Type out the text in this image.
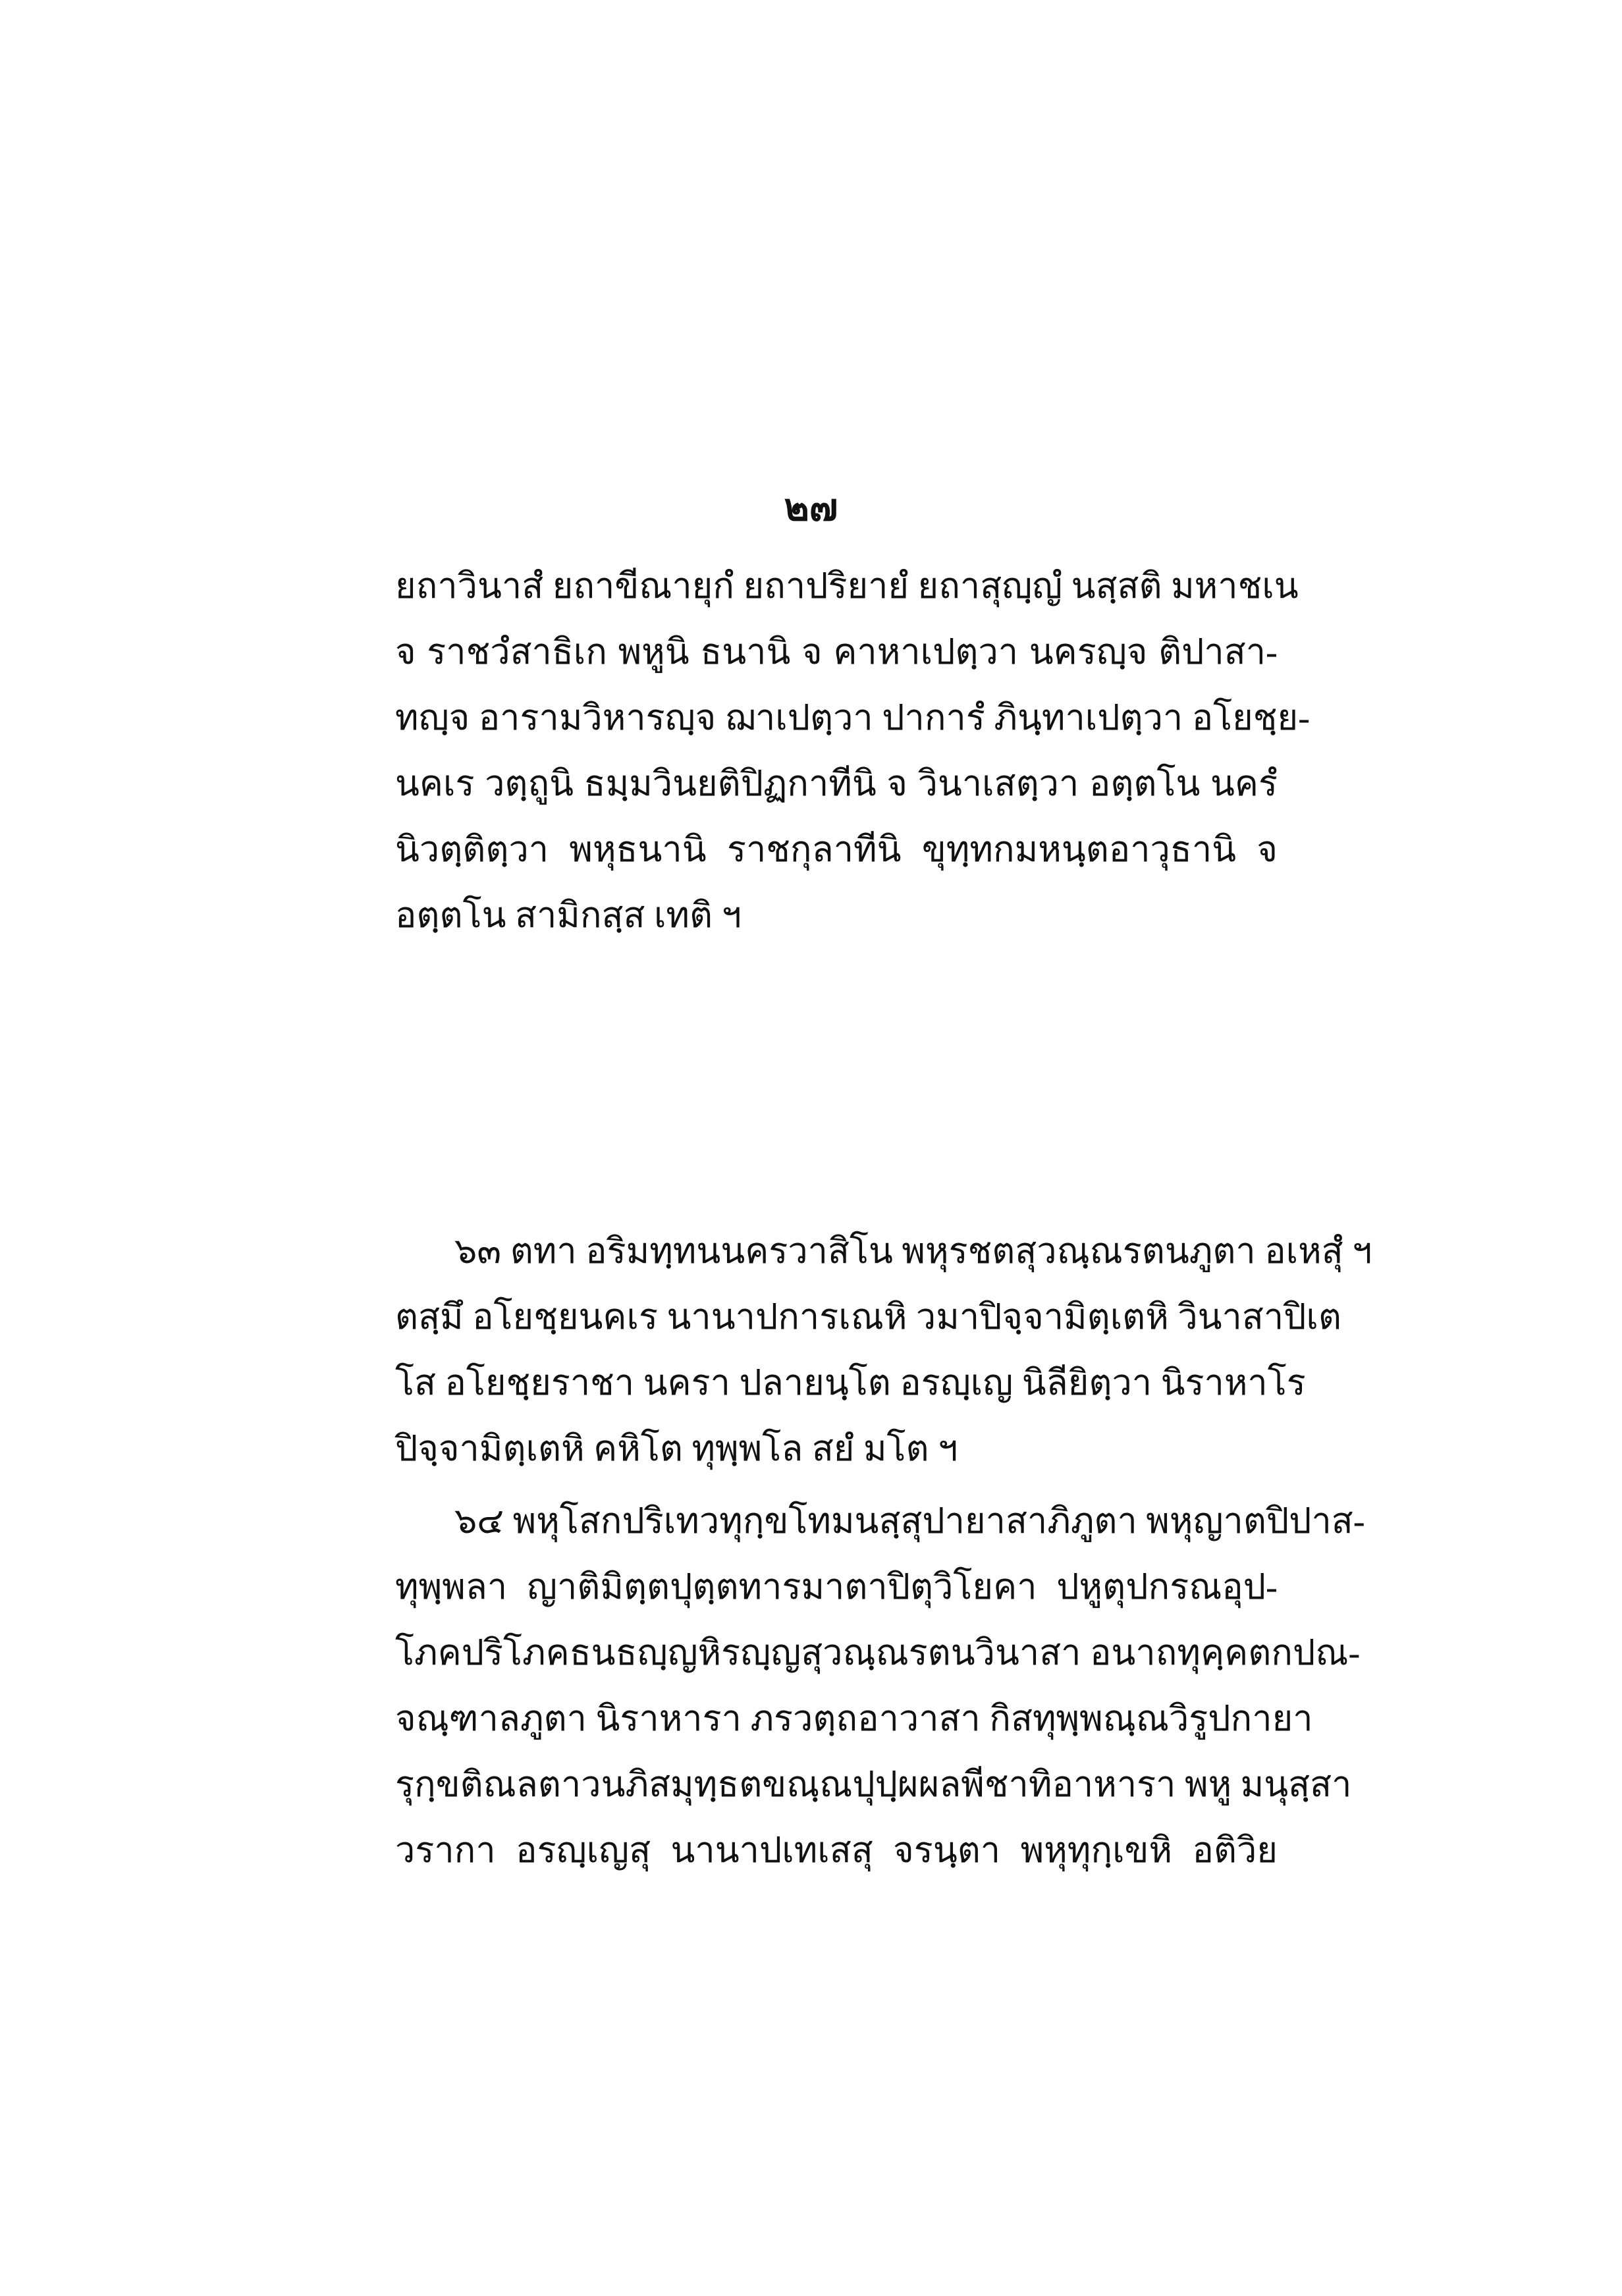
๒๗
ยถาวินาสํ ยถาขีณายุกํ ยถาปริยายํ ยถาสุญฺญํ นสฺสติ มหาชเน
จ ราชวํสาธิเก พหูนิ ธนานิ จ คาหาเปตฺวา นครญฺจ ติปาสา-
ทญฺจ อารามวิหารญฺจ ฌาเปตฺวา ปาการํ ภินฺทาเปตฺวา อโยชฺย-
นคเร วตฺถูนิ ธมฺมวินยติปิฏกาทีนิ จ วินาเสตฺวา อตฺตโน นครํ
นิวตฺติตฺวา พหุธนานิ ราชกุลาทีนิ ขุทฺทกมหนฺตอาวุธานิ จ
อตฺตโน สามิกสฺส เทติ ฯ
๖๓ ตทา อริมทฺทนนครวาสิโน พหุรชตสุวณฺณรตนภูตา อเหสุํ ฯ
ตสฺมึ อโยชฺยนคเร นานาปการเณหิ วมาปิจฺจามิตฺเตหิ วินาสาปิเต
โส อโยชฺยราชา นครา ปลายนฺโต อรญฺเญ นิลียิตฺวา นิราหาโร
ปิจฺจามิตฺเตหิ คหิโต ทุพฺพโล สยํ มโต ฯ
๖๔ พหุโสกปริเทวทุกฺขโทมนสฺสุปายาสาภิภูตา พหุญาตปิปาส-
ทุพฺพลา ญาติมิตฺตปุตฺตทารมาตาปิตุวิโยคา ปหูตุปกรณอุป-
โภคปริโภคธนธญฺญหิรญฺญสุวณฺณรตนวินาสา อนาถทุคฺคตกปณ-
จณฺฑาลภูตา นิราหารา ภรวตฺถอาวาสา กิสทุพฺพณฺณวิรูปกายา
รุกฺขติณลตาวนภิสมุทฺธตขณฺณปุปฺผผลพีชาทิอาหารา พหู มนุสฺสา
วรากา อรญฺเญสุ นานาปเทเสสุ จรนฺตา พหุทุกฺเขหิ อติวิย
